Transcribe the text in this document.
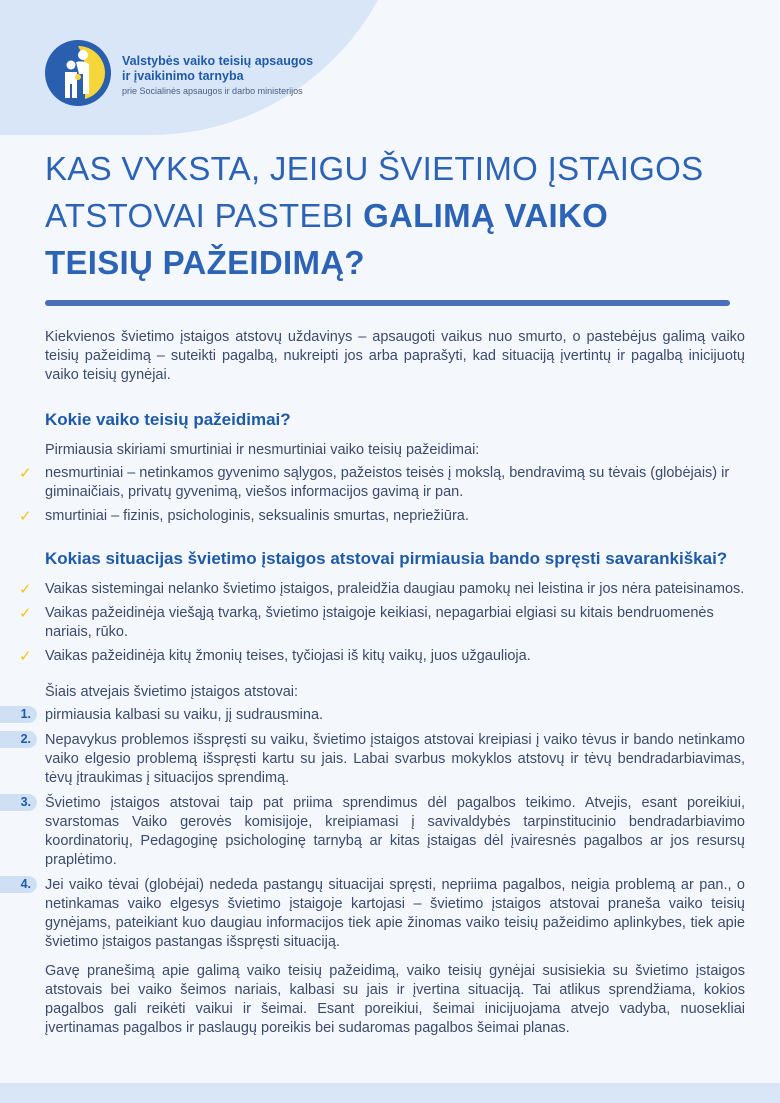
Valstybės vaiko teisių apsaugos
ir įvaikinimo tarnyba
prie Socialinės apsaugos ir darbo ministerijos
KAS VYKSTA, JEIGU ŠVIETIMO ĮSTAIGOS
ATSTOVAI PASTEBI GALIMĄ VAIKO
TEISIŲ PAŽEIDIMĄ?

Kiekvienos švietimo įstaigos atstovų uždavinys – apsaugoti vaikus nuo smurto, o pastebėjus galimą vaiko teisių pažeidimą – suteikti pagalbą, nukreipti jos arba paprašyti, kad situaciją įvertintų ir pagalbą inicijuotų vaiko teisių gynėjai.

Kokie vaiko teisių pažeidimai?

Pirmiausia skiriami smurtiniai ir nesmurtiniai vaiko teisių pažeidimai:

✓ nesmurtiniai – netinkamos gyvenimo sąlygos, pažeistos teisės į mokslą, bendravimą su tėvais (globėjais) ir giminaičiais, privatų gyvenimą, viešos informacijos gavimą ir pan.
✓ smurtiniai – fizinis, psichologinis, seksualinis smurtas, nepriežiūra.
Kokias situacijas švietimo įstaigos atstovai pirmiausia bando spręsti savarankiškai?
✓ Vaikas sistemingai nelanko švietimo įstaigos, praleidžia daugiau pamokų nei leistina ir jos nėra pateisinamos.
✓ Vaikas pažeidinėja viešąją tvarką, švietimo įstaigoje keikiasi, nepagarbiai elgiasi su kitais bendruomenės nariais, rūko.
✓ Vaikas pažeidinėja kitų žmonių teises, tyčiojasi iš kitų vaikų, juos užgauliojа.

Šiais atvejais švietimo įstaigos atstovai:

1. pirmiausia kalbasi su vaiku, jį sudrausmina.
2. Nepavykus problemos išspręsti su vaiku, švietimo įstaigos atstovai kreipiasi į vaiko tėvus ir bando netinkamo vaiko elgesio problemą išspręsti kartu su jais. Labai svarbus mokyklos atstovų ir tėvų bendradarbiavimas, tėvų įtraukimas į situacijos sprendimą.
3. Švietimo įstaigos atstovai taip pat priima sprendimus dėl pagalbos teikimo. Atvejis, esant poreikiui, svarstomas Vaiko gerovės komisijoje, kreipiamasi į savivaldybės tarpinstitucinio bendradarbiavimo koordinatorių, Pedagoginę psichologinę tarnybą ar kitas įstaigas dėl įvairesnės pagalbos ar jos resursų praplėtimo.
4. Jei vaiko tėvai (globėjai) nededa pastangų situacijai spręsti, nepriima pagalbos, neigia problemą ar pan., o netinkamas vaiko elgesys švietimo įstaigoje kartojasi – švietimo įstaigos atstovai praneša vaiko teisių gynėjams, pateikiant kuo daugiau informacijos tiek apie žinomas vaiko teisių pažeidimo aplinkybes, tiek apie švietimo įstaigos pastangas išspręsti situaciją.

Gavę pranešimą apie galimą vaiko teisių pažeidimą, vaiko teisių gynėjai susisiekia su švietimo įstaigos atstovais bei vaiko šeimos nariais, kalbasi su jais ir įvertina situaciją. Tai atlikus sprendžiama, kokios pagalbos gali reikėti vaikui ir šeimai. Esant poreikiui, šeimai inicijuojama atvejo vadyba, nuosekliai įvertinamas pagalbos ir paslaugų poreikis bei sudaromas pagalbos šeimai planas.
